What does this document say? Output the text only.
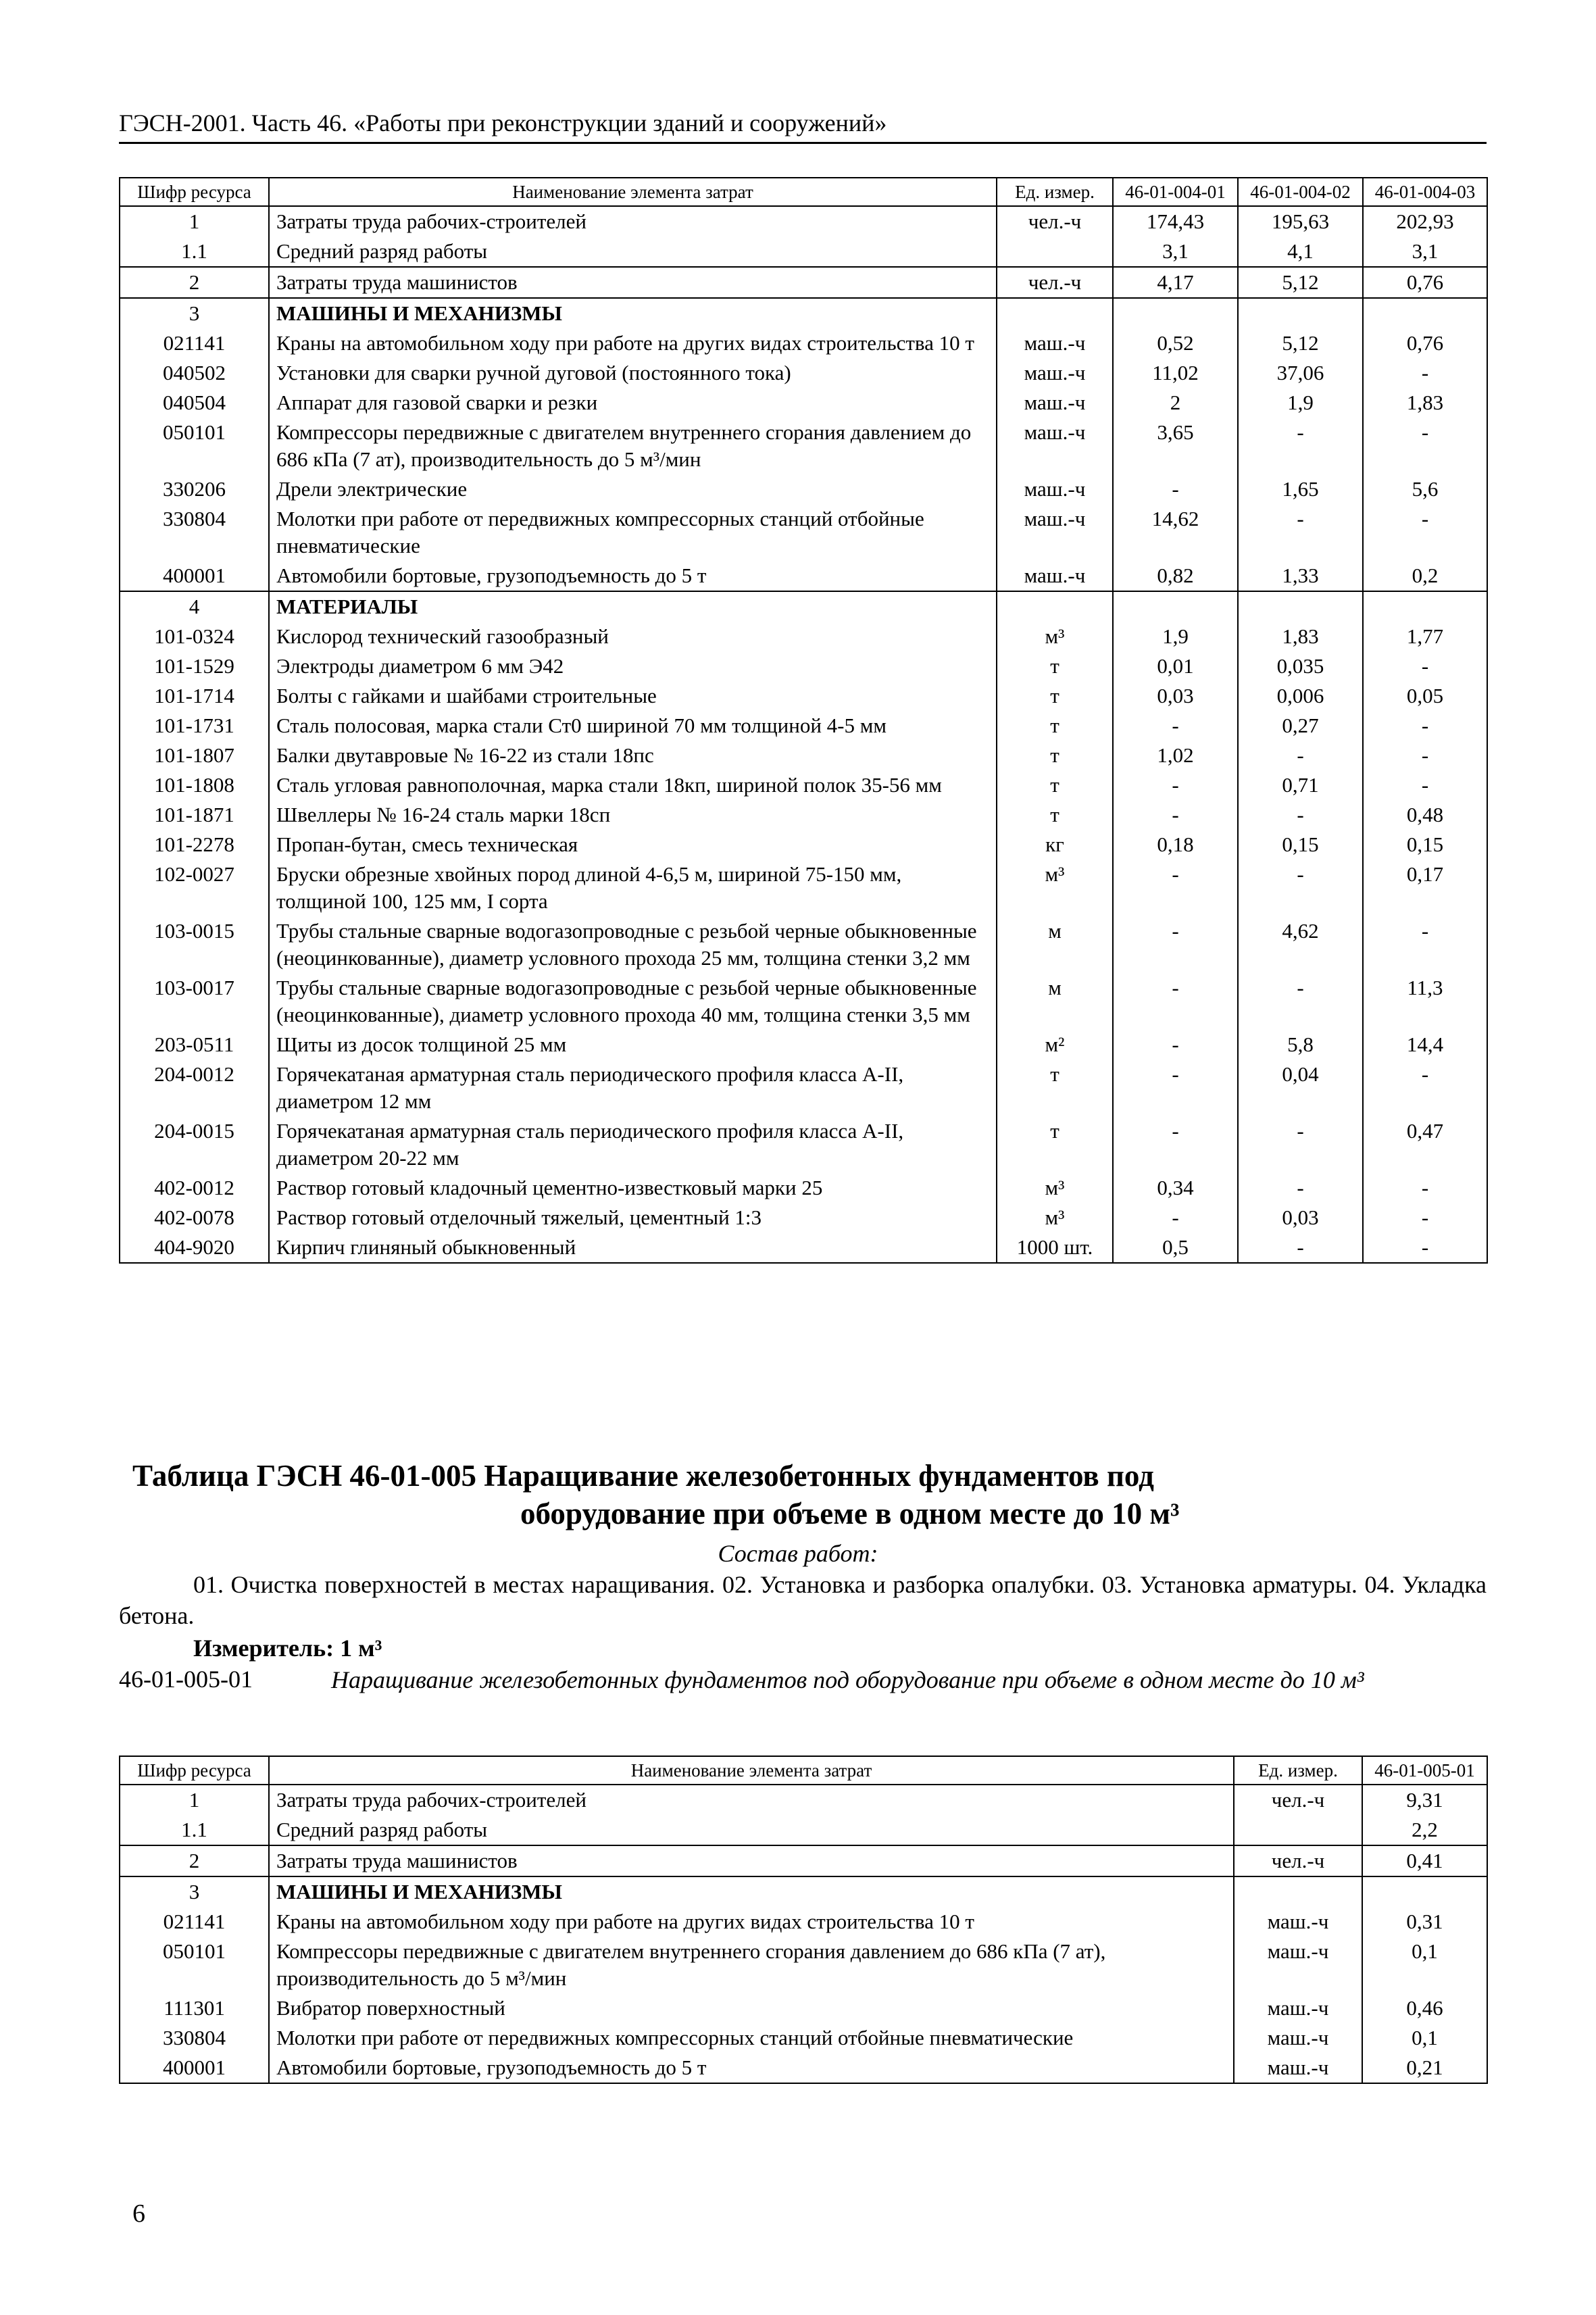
ГЭСН-2001. Часть 46. «Работы при реконструкции зданий и сооружений»
Шифр ресурса	Наименование элемента затрат	Ед. измер.	46-01-004-01	46-01-004-02	46-01-004-03
1	Затраты труда рабочих-строителей	чел.-ч	174,43	195,63	202,93
1.1	Средний разряд работы		3,1	4,1	3,1
2	Затраты труда машинистов	чел.-ч	4,17	5,12	0,76
3	МАШИНЫ И МЕХАНИЗМЫ				
021141	Краны на автомобильном ходу при работе на других видах строительства 10 т	маш.-ч	0,52	5,12	0,76
040502	Установки для сварки ручной дуговой (постоянного тока)	маш.-ч	11,02	37,06	-
040504	Аппарат для газовой сварки и резки	маш.-ч	2	1,9	1,83
050101	Компрессоры передвижные с двигателем внутреннего сгорания давлением до 686 кПа (7 ат), производительность до 5 м³/мин	маш.-ч	3,65	-	-
330206	Дрели электрические	маш.-ч	-	1,65	5,6
330804	Молотки при работе от передвижных компрессорных станций отбойные пневматические	маш.-ч	14,62	-	-
400001	Автомобили бортовые, грузоподъемность до 5 т	маш.-ч	0,82	1,33	0,2
4	МАТЕРИАЛЫ				
101-0324	Кислород технический газообразный	м³	1,9	1,83	1,77
101-1529	Электроды диаметром 6 мм Э42	т	0,01	0,035	-
101-1714	Болты с гайками и шайбами строительные	т	0,03	0,006	0,05
101-1731	Сталь полосовая, марка стали Ст0 шириной 70 мм толщиной 4-5 мм	т	-	0,27	-
101-1807	Балки двутавровые № 16-22 из стали 18пс	т	1,02	-	-
101-1808	Сталь угловая равнополочная, марка стали 18кп, шириной полок 35-56 мм	т	-	0,71	-
101-1871	Швеллеры № 16-24 сталь марки 18сп	т	-	-	0,48
101-2278	Пропан-бутан, смесь техническая	кг	0,18	0,15	0,15
102-0027	Бруски обрезные хвойных пород длиной 4-6,5 м, шириной 75-150 мм, толщиной 100, 125 мм, I сорта	м³	-	-	0,17
103-0015	Трубы стальные сварные водогазопроводные с резьбой черные обыкновенные (неоцинкованные), диаметр условного прохода 25 мм, толщина стенки 3,2 мм	м	-	4,62	-
103-0017	Трубы стальные сварные водогазопроводные с резьбой черные обыкновенные (неоцинкованные), диаметр условного прохода 40 мм, толщина стенки 3,5 мм	м	-	-	11,3
203-0511	Щиты из досок толщиной 25 мм	м²	-	5,8	14,4
204-0012	Горячекатаная арматурная сталь периодического профиля класса А-II, диаметром 12 мм	т	-	0,04	-
204-0015	Горячекатаная арматурная сталь периодического профиля класса А-II, диаметром 20-22 мм	т	-	-	0,47
402-0012	Раствор готовый кладочный цементно-известковый марки 25	м³	0,34	-	-
402-0078	Раствор готовый отделочный тяжелый, цементный 1:3	м³	-	0,03	-
404-9020	Кирпич глиняный обыкновенный	1000 шт.	0,5	-	-
Таблица ГЭСН 46-01-005 Наращивание железобетонных фундаментов под
оборудование при объеме в одном месте до 10 м³
Состав работ:
01. Очистка поверхностей в местах наращивания. 02. Установка и разборка опалубки. 03. Установка арматуры. 04. Укладка бетона.
Измеритель: 1 м³
46-01-005-01	Наращивание железобетонных фундаментов под оборудование при объеме в одном месте до 10 м³
Шифр ресурса	Наименование элемента затрат	Ед. измер.	46-01-005-01
1	Затраты труда рабочих-строителей	чел.-ч	9,31
1.1	Средний разряд работы		2,2
2	Затраты труда машинистов	чел.-ч	0,41
3	МАШИНЫ И МЕХАНИЗМЫ		
021141	Краны на автомобильном ходу при работе на других видах строительства 10 т	маш.-ч	0,31
050101	Компрессоры передвижные с двигателем внутреннего сгорания давлением до 686 кПа (7 ат), производительность до 5 м³/мин	маш.-ч	0,1
111301	Вибратор поверхностный	маш.-ч	0,46
330804	Молотки при работе от передвижных компрессорных станций отбойные пневматические	маш.-ч	0,1
400001	Автомобили бортовые, грузоподъемность до 5 т	маш.-ч	0,21
6
